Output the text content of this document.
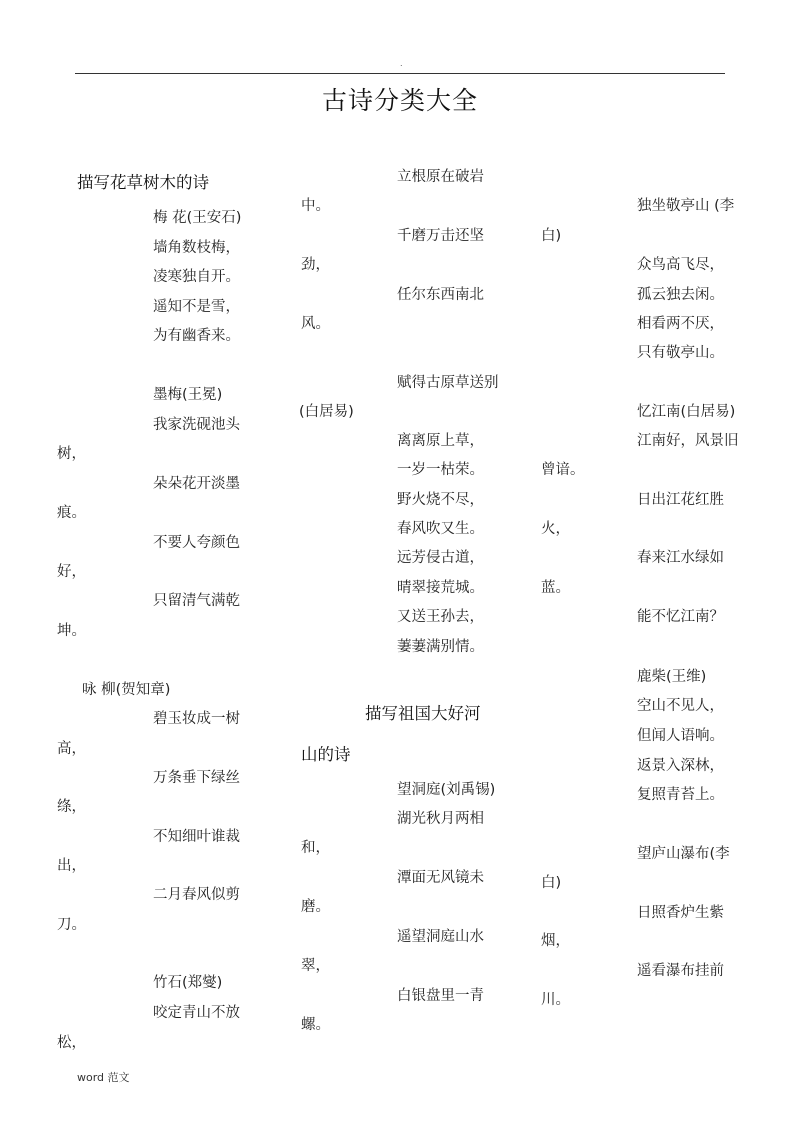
.
古诗分类大全
描写花草树木的诗
梅 花(王安石)
墙角数枝梅，
凌寒独自开。
遥知不是雪，
为有幽香来。
墨梅(王冕)
我家洗砚池头
树，
朵朵花开淡墨
痕。
不要人夸颜色
好，
只留清气满乾
坤。
咏 柳(贺知章)
碧玉妆成一树
高，
万条垂下绿丝
绦，
不知细叶谁裁
出，
二月春风似剪
刀。
竹石(郑燮)
咬定青山不放
松，
立根原在破岩
中。
千磨万击还坚
劲，
任尔东西南北
风。
赋得古原草送别
(白居易)
离离原上草，
一岁一枯荣。
野火烧不尽，
春风吹又生。
远芳侵古道，
晴翠接荒城。
又送王孙去，
萋萋满别情。
描写祖国大好河
山的诗
望洞庭(刘禹锡)
湖光秋月两相
和，
潭面无风镜未
磨。
遥望洞庭山水
翠，
白银盘里一青
螺。
白)
曾谙。
火，
蓝。
白)
烟，
川。
独坐敬亭山 (李
众鸟高飞尽，
孤云独去闲。
相看两不厌，
只有敬亭山。
忆江南(白居易)
江南好，风景旧
日出江花红胜
春来江水绿如
能不忆江南？
鹿柴(王维)
空山不见人，
但闻人语响。
返景入深林，
复照青苔上。
望庐山瀑布(李
日照香炉生紫
遥看瀑布挂前
word 范文
